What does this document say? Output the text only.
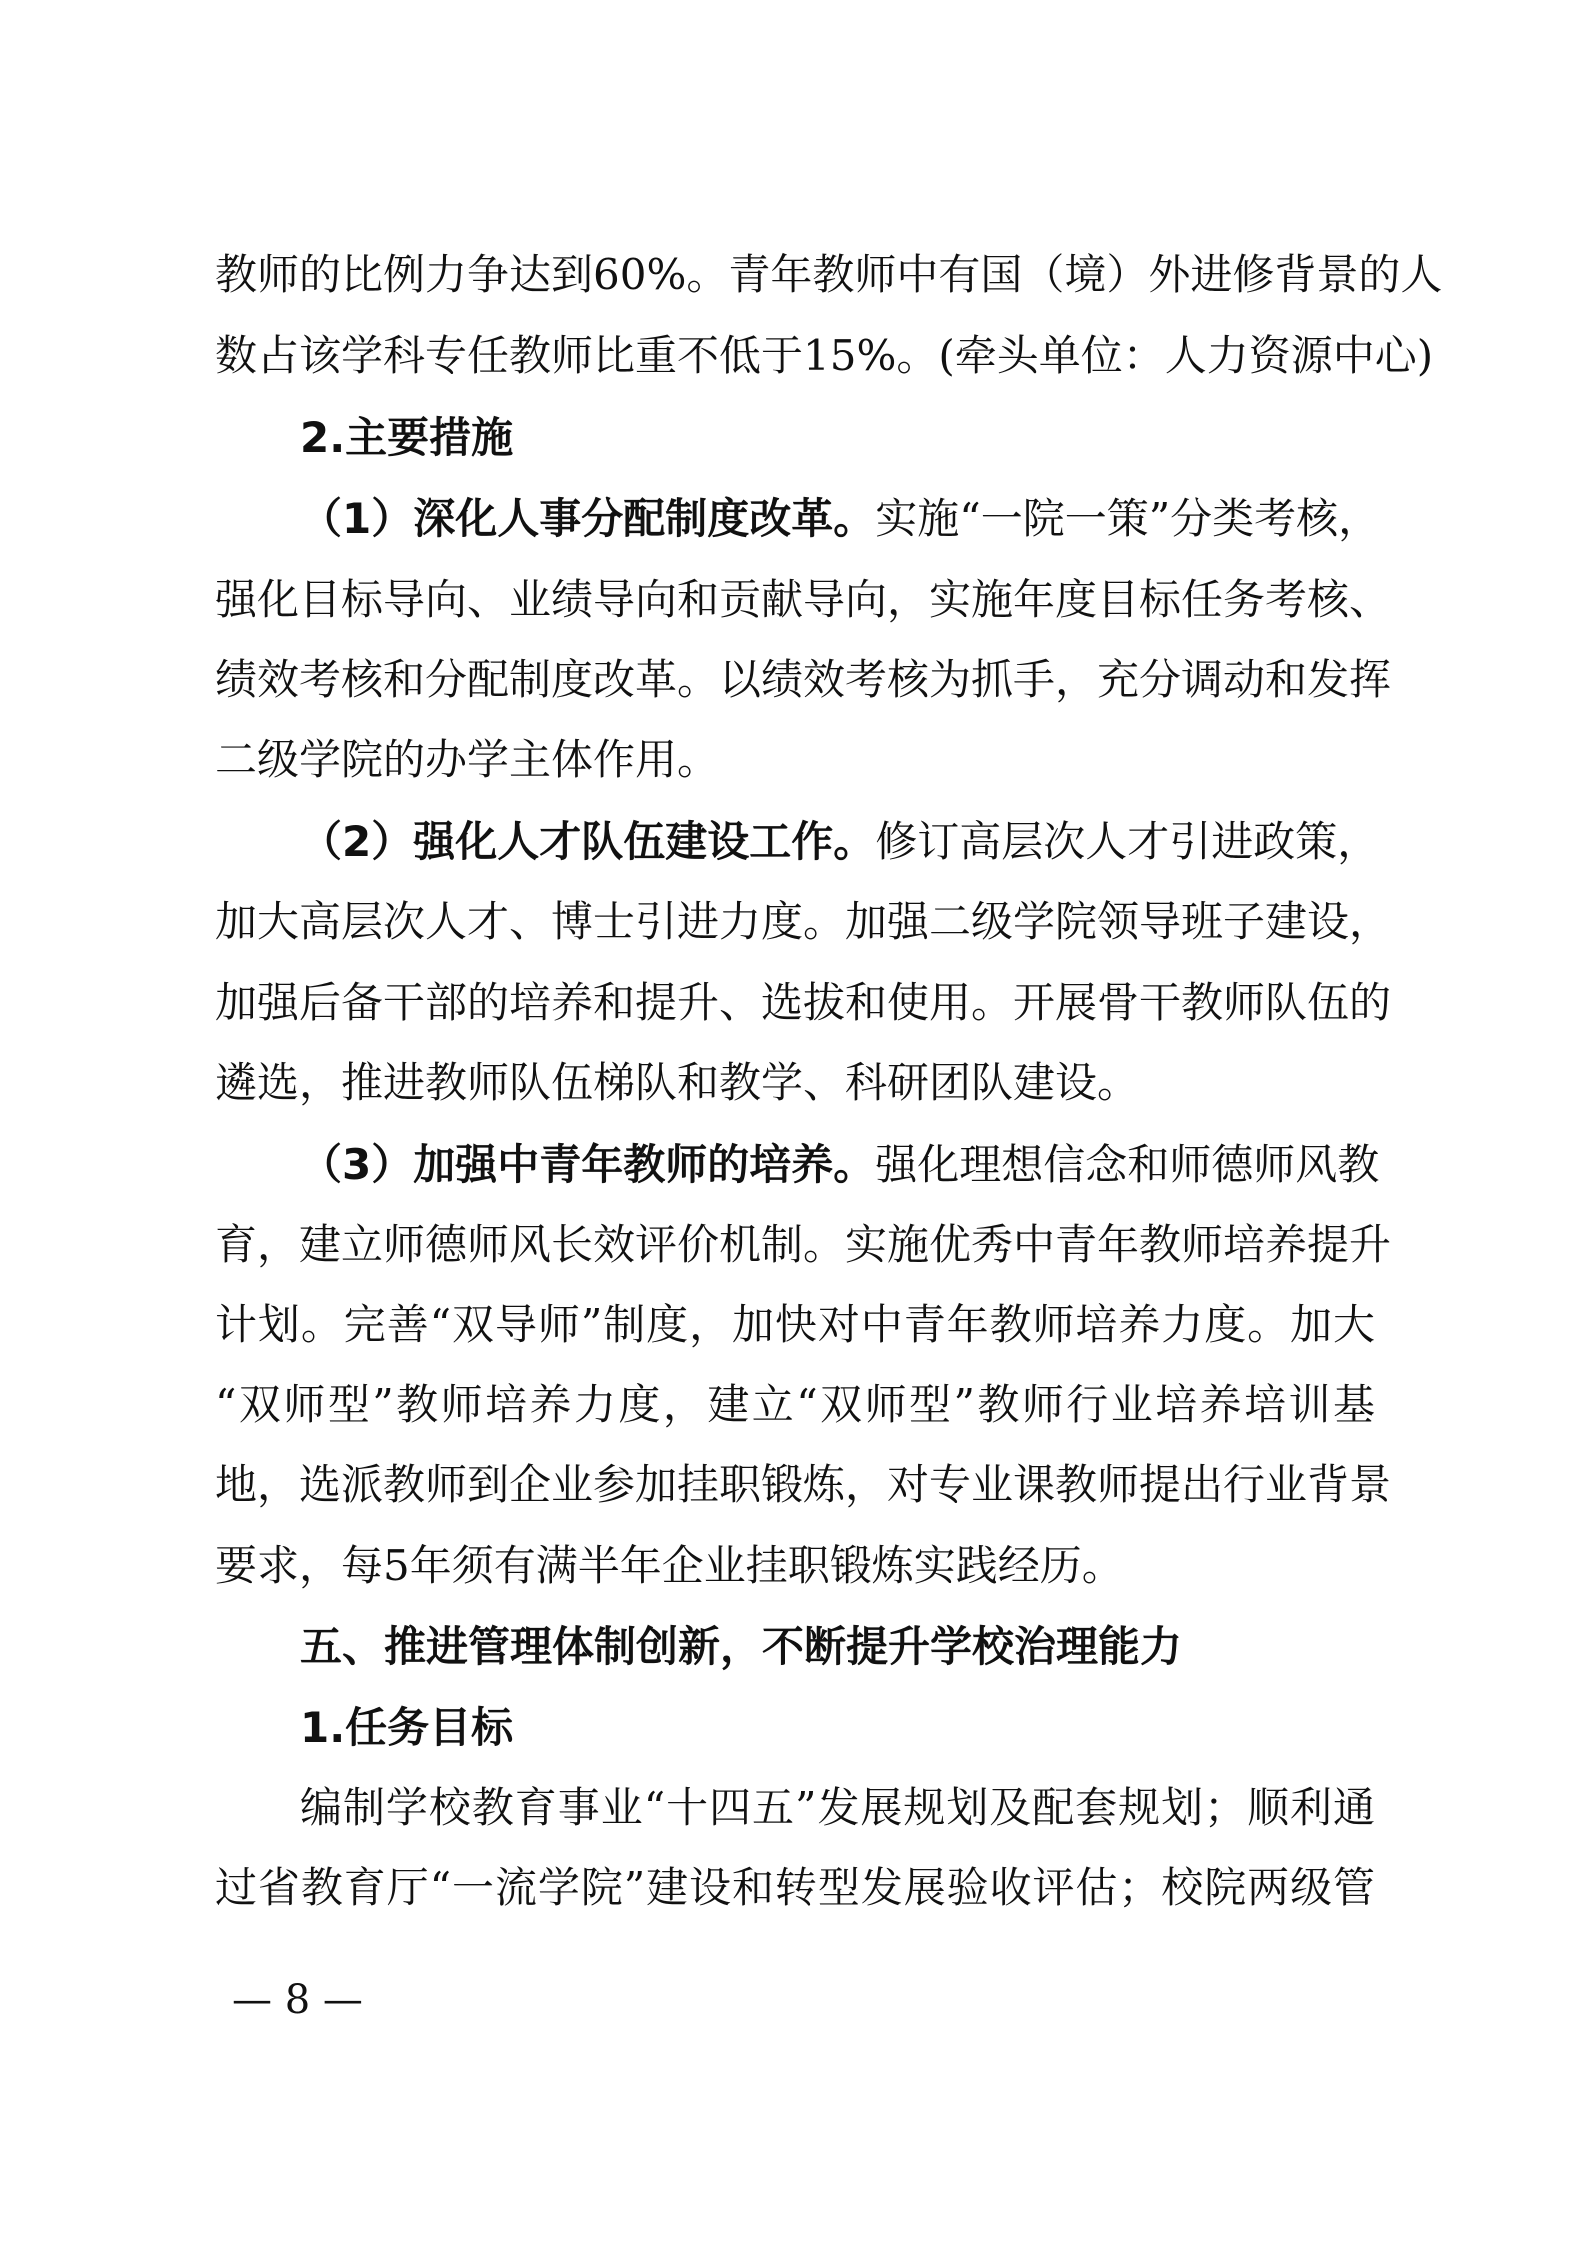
教师的比例力争达到60%。青年教师中有国（境）外进修背景的人
数占该学科专任教师比重不低于15%。(牵头单位：人力资源中心)
2.主要措施
（1）深化人事分配制度改革。实施“一院一策”分类考核，
强化目标导向、业绩导向和贡献导向，实施年度目标任务考核、
绩效考核和分配制度改革。以绩效考核为抓手，充分调动和发挥
二级学院的办学主体作用。
（2）强化人才队伍建设工作。修订高层次人才引进政策，
加大高层次人才、博士引进力度。加强二级学院领导班子建设，
加强后备干部的培养和提升、选拔和使用。开展骨干教师队伍的
遴选，推进教师队伍梯队和教学、科研团队建设。
（3）加强中青年教师的培养。强化理想信念和师德师风教
育，建立师德师风长效评价机制。实施优秀中青年教师培养提升
计划。完善“双导师”制度，加快对中青年教师培养力度。加大
“双师型”教师培养力度，建立“双师型”教师行业培养培训基
地，选派教师到企业参加挂职锻炼，对专业课教师提出行业背景
要求，每5年须有满半年企业挂职锻炼实践经历。
五、推进管理体制创新，不断提升学校治理能力
1.任务目标
编制学校教育事业“十四五”发展规划及配套规划；顺利通
过省教育厅“一流学院”建设和转型发展验收评估；校院两级管
— 8 —
